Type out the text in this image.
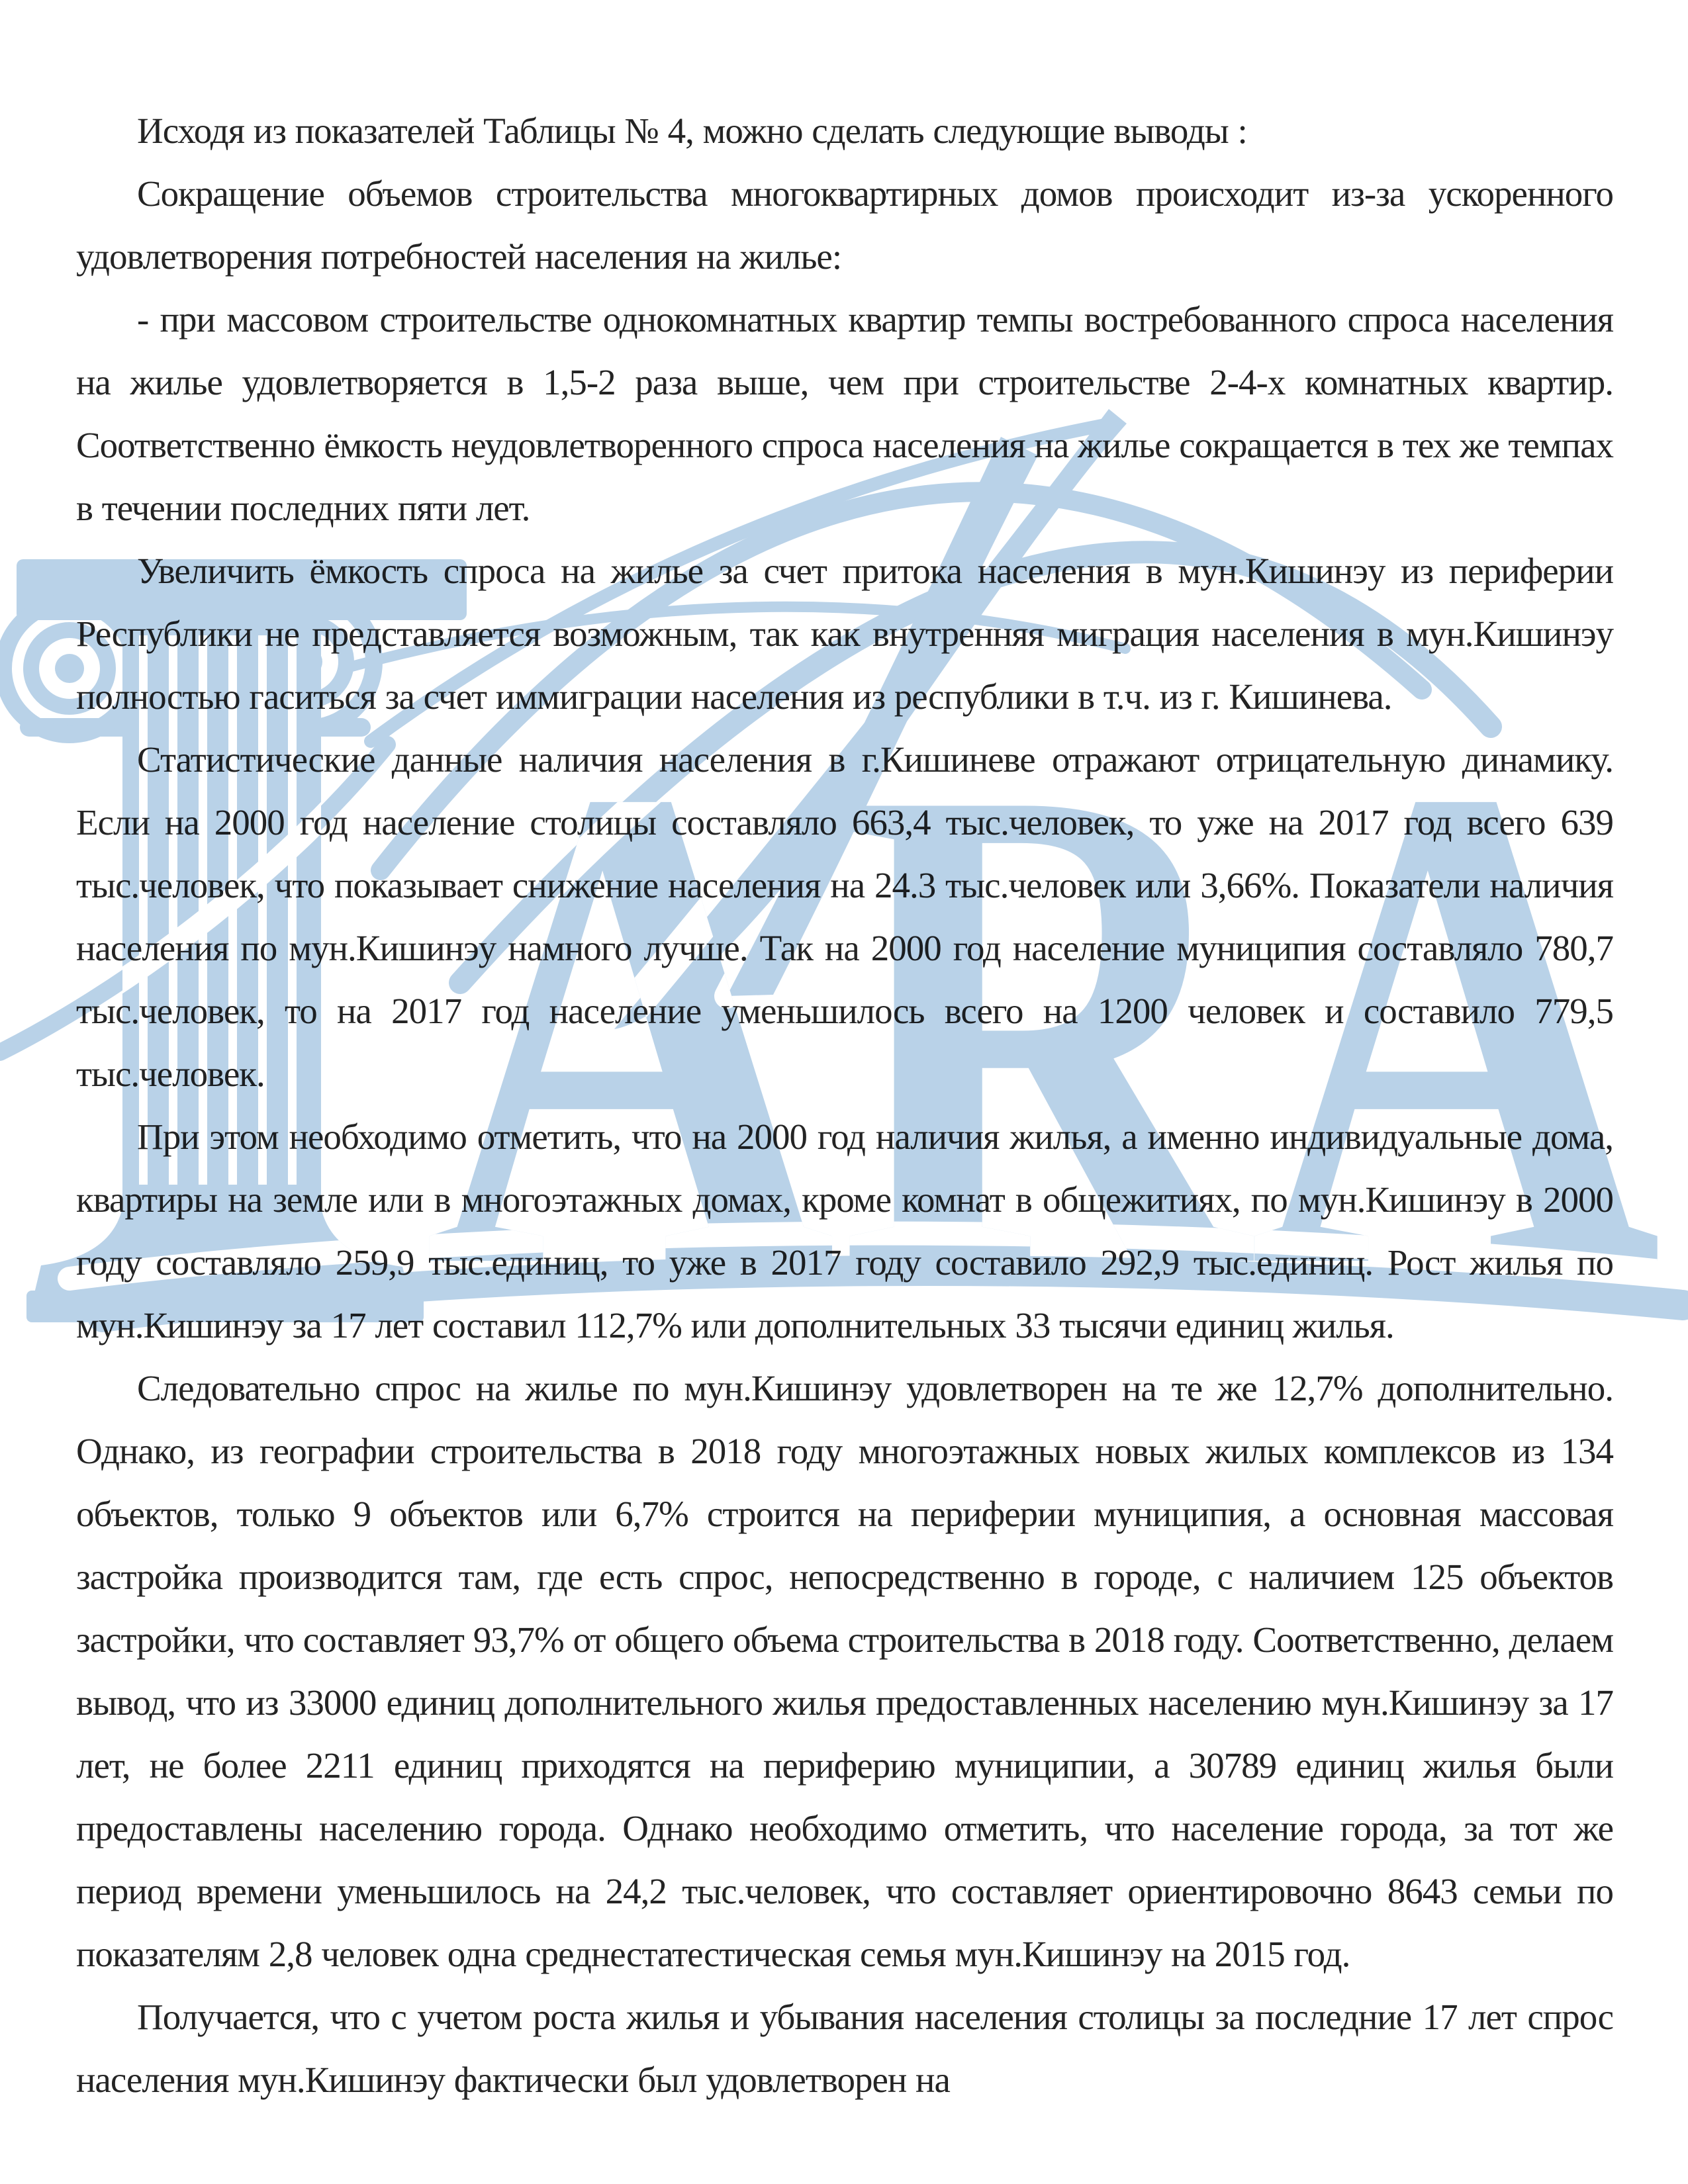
Исходя из показателей Таблицы № 4, можно сделать следующие выводы :

Сокращение объемов строительства многоквартирных домов происходит из-за ускоренного удовлетворения потребностей населения на жилье:

- при массовом строительстве однокомнатных квартир темпы востребованного спроса населения на жилье удовлетворяется в 1,5-2 раза выше, чем при строительстве 2-4-х комнатных квартир. Соответственно ёмкость неудовлетворенного спроса населения на жилье сокращается в тех же темпах в течении последних пяти лет.

Увеличить ёмкость спроса на жилье за счет притока населения в мун.Кишинэу из периферии Республики не представляется возможным, так как внутренняя миграция населения в мун.Кишинэу полностью гаситься за счет иммиграции населения из республики в т.ч. из г. Кишинева.

Статистические данные наличия населения в г.Кишиневе отражают отрицательную динамику. Если на 2000 год население столицы составляло 663,4 тыс.человек, то уже на 2017 год всего 639 тыс.человек, что показывает снижение населения на 24.3 тыс.человек или 3,66%. Показатели наличия населения по мун.Кишинэу намного лучше. Так на 2000 год население муниципия составляло 780,7 тыс.человек, то на 2017 год население уменьшилось всего на 1200 человек и составило 779,5 тыс.человек.

При этом необходимо отметить, что на 2000 год наличия жилья, а именно индивидуальные дома, квартиры на земле или в многоэтажных домах, кроме комнат в общежитиях, по мун.Кишинэу в 2000 году составляло 259,9 тыс.единиц, то уже в 2017 году составило 292,9 тыс.единиц. Рост жилья по мун.Кишинэу за 17 лет составил 112,7% или дополнительных 33 тысячи единиц жилья.

Следовательно спрос на жилье по мун.Кишинэу удовлетворен на те же 12,7% дополнительно. Однако, из географии строительства в 2018 году многоэтажных новых жилых комплексов из 134 объектов, только 9 объектов или 6,7% строится на периферии муниципия, а основная массовая застройка производится там, где есть спрос, непосредственно в городе, с наличием 125 объектов застройки, что составляет 93,7% от общего объема строительства в 2018 году. Соответственно, делаем вывод, что из 33000 единиц дополнительного жилья предоставленных населению мун.Кишинэу за 17 лет, не более 2211 единиц приходятся на периферию муниципии, а 30789 единиц жилья были предоставлены населению города. Однако необходимо отметить, что население города, за тот же период времени уменьшилось на 24,2 тыс.человек, что составляет ориентировочно 8643 семьи по показателям 2,8 человек одна среднестатестическая семья мун.Кишинэу на 2015 год.

Получается, что с учетом роста жилья и убывания населения столицы за последние 17 лет спрос населения мун.Кишинэу фактически был удовлетворен на
